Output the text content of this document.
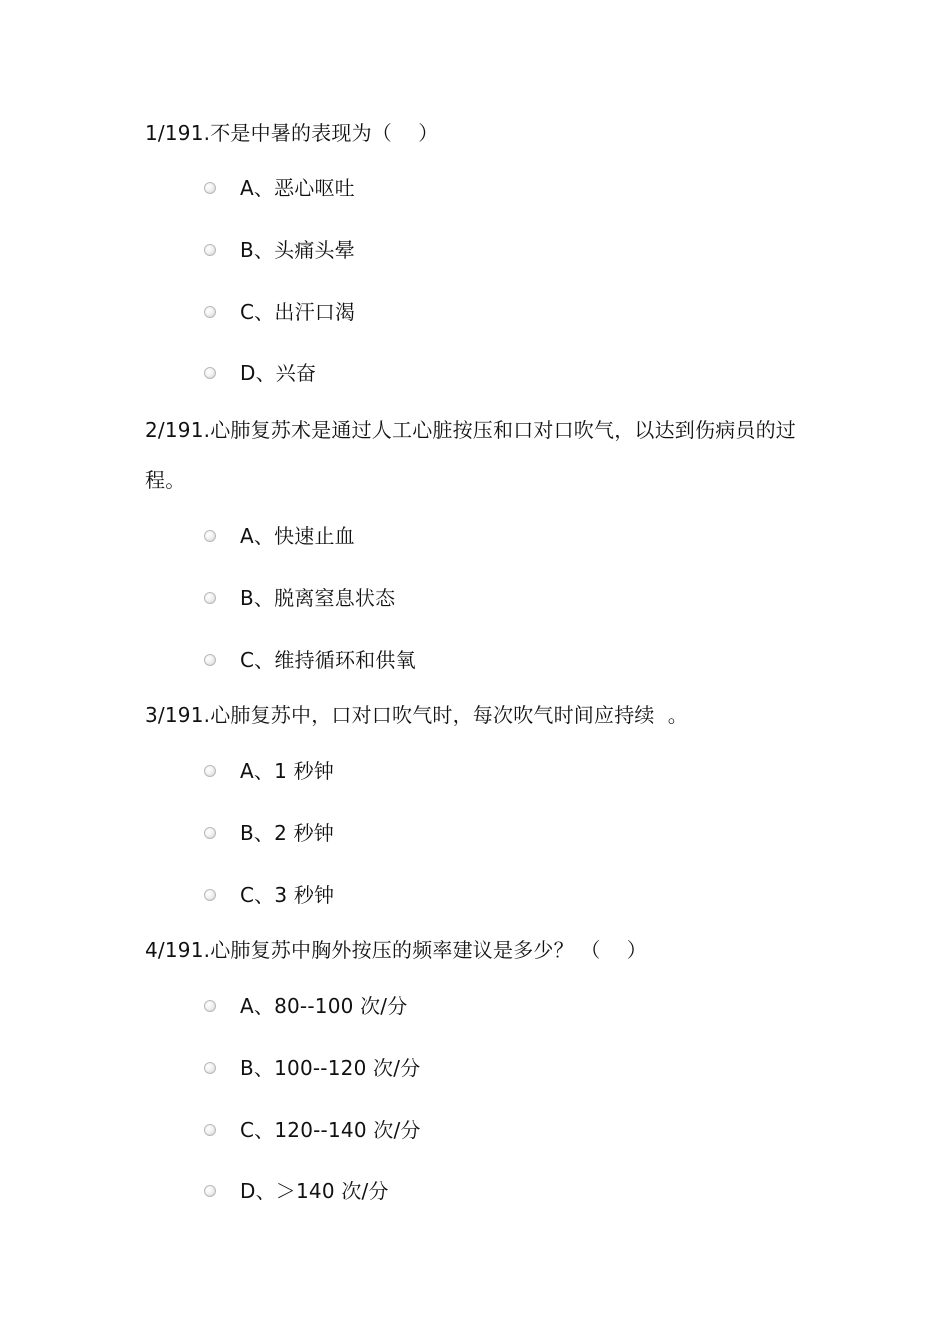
1/191.不是中暑的表现为（    ）
A、恶心呕吐
B、头痛头晕
C、出汗口渴
D、兴奋
2/191.心肺复苏术是通过人工心脏按压和口对口吹气，以达到伤病员的过程。
A、快速止血
B、脱离窒息状态
C、维持循环和供氧
3/191.心肺复苏中，口对口吹气时，每次吹气时间应持续  。
A、1 秒钟
B、2 秒钟
C、3 秒钟
4/191.心肺复苏中胸外按压的频率建议是多少？ （    ）
A、80--100 次/分
B、100--120 次/分
C、120--140 次/分
D、＞140 次/分
